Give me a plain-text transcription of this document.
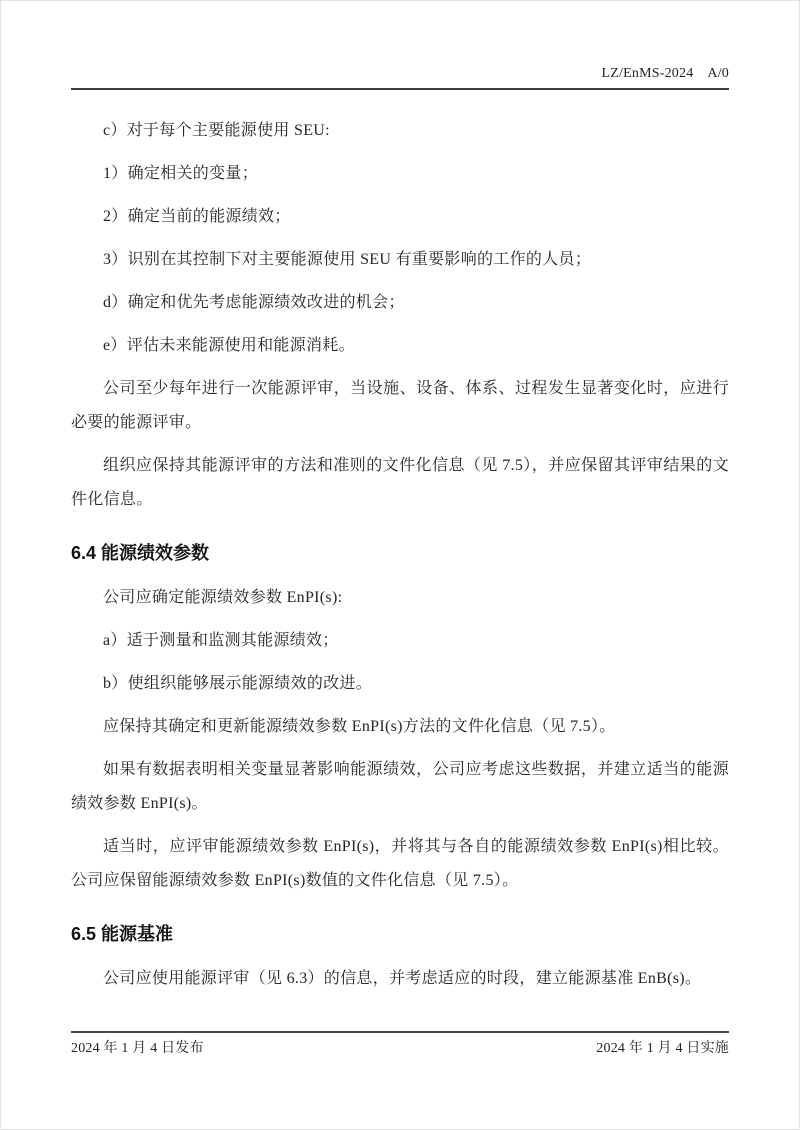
LZ/EnMS-2024 A/0

c）对于每个主要能源使用 SEU:

1）确定相关的变量；

2）确定当前的能源绩效；

3）识别在其控制下对主要能源使用 SEU 有重要影响的工作的人员；

d）确定和优先考虑能源绩效改进的机会；

e）评估未来能源使用和能源消耗。

公司至少每年进行一次能源评审，当设施、设备、体系、过程发生显著变化时，应进行必要的能源评审。

组织应保持其能源评审的方法和准则的文件化信息（见 7.5），并应保留其评审结果的文件化信息。

6.4 能源绩效参数

公司应确定能源绩效参数 EnPI(s):

a）适于测量和监测其能源绩效；

b）使组织能够展示能源绩效的改进。

应保持其确定和更新能源绩效参数 EnPI(s)方法的文件化信息（见 7.5）。

如果有数据表明相关变量显著影响能源绩效，公司应考虑这些数据，并建立适当的能源绩效参数 EnPI(s)。

适当时，应评审能源绩效参数 EnPI(s)，并将其与各自的能源绩效参数 EnPI(s)相比较。公司应保留能源绩效参数 EnPI(s)数值的文件化信息（见 7.5）。

6.5 能源基准

公司应使用能源评审（见 6.3）的信息，并考虑适应的时段，建立能源基准 EnB(s)。

2024 年 1 月 4 日发布	2024 年 1 月 4 日实施
